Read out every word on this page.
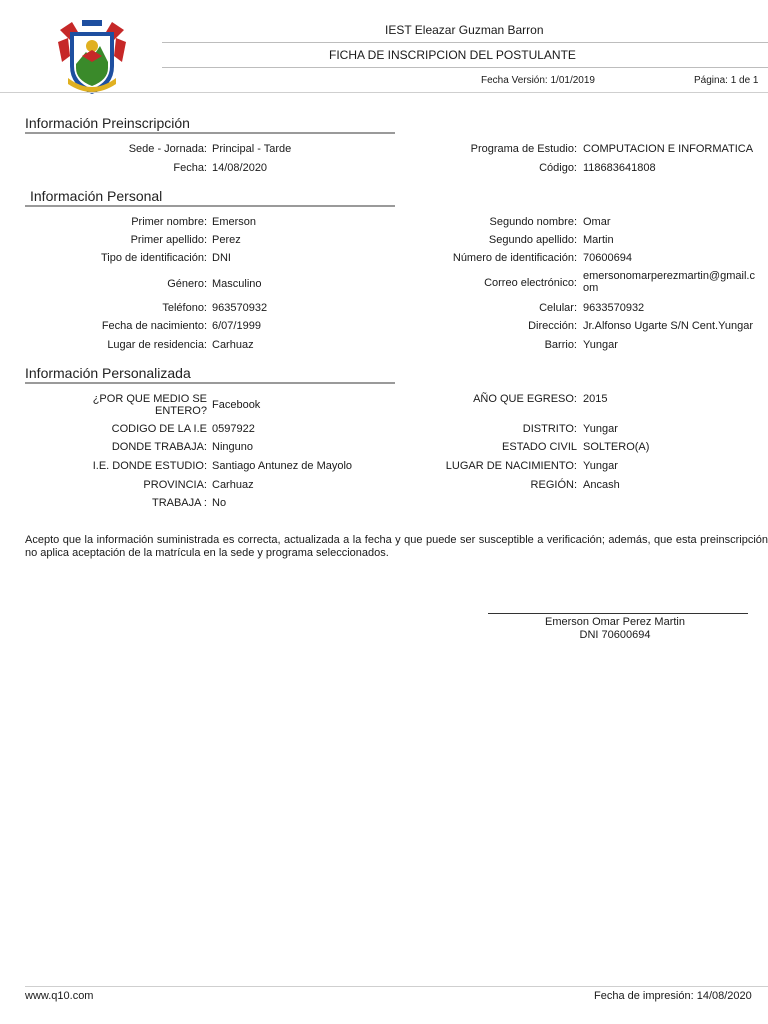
IEST Eleazar Guzman Barron
FICHA DE INSCRIPCION DEL POSTULANTE
Fecha Versión: 1/01/2019	Página: 1 de 1
Información Preinscripción
Sede - Jornada: Principal - Tarde
Fecha: 14/08/2020
Programa de Estudio: COMPUTACION E INFORMATICA
Código: 118683641808
Información Personal
Primer nombre: Emerson
Primer apellido: Perez
Tipo de identificación: DNI
Género: Masculino
Teléfono: 963570932
Fecha de nacimiento: 6/07/1999
Lugar de residencia: Carhuaz
Segundo nombre: Omar
Segundo apellido: Martin
Número de identificación: 70600694
Correo electrónico:
emersonomarperezmartin@gmail.c
om
Celular: 9633570932
Dirección: Jr.Alfonso Ugarte S/N Cent.Yungar
Barrio: Yungar
Información Personalizada
¿POR QUE MEDIO SE
ENTERO? Facebook
CODIGO DE LA I.E 0597922
DONDE TRABAJA: Ninguno
I.E. DONDE ESTUDIO: Santiago Antunez de Mayolo
PROVINCIA: Carhuaz
TRABAJA : No
AÑO QUE EGRESO: 2015
DISTRITO: Yungar
ESTADO CIVIL SOLTERO(A)
LUGAR DE NACIMIENTO: Yungar
REGIÓN: Ancash
Acepto que la información suministrada es correcta, actualizada a la fecha y que puede ser susceptible a verificación; además, que esta preinscripción no aplica aceptación de la matrícula en la sede y programa seleccionados.
Emerson Omar Perez Martin
DNI 70600694
www.q10.com	Fecha de impresión: 14/08/2020
